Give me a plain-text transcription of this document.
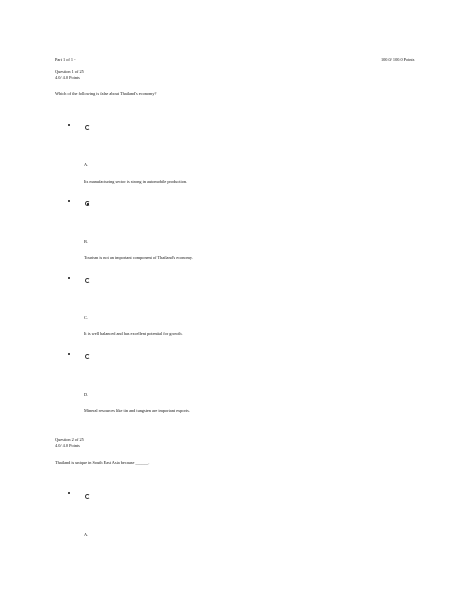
Part 1 of 1 -	100.0/ 100.0 Points
Question 1 of 25
4.0/ 4.0 Points
Which of the following is false about Thailand's economy?
A.
Its manufacturing sector is strong in automobile production.
B.
Tourism is not an important component of Thailand's economy.
C.
It is well balanced and has excellent potential for growth.
D.
Mineral resources like tin and tungsten are important exports.
Question 2 of 25
4.0/ 4.0 Points
Thailand is unique in South East Asia because ______.
A.
